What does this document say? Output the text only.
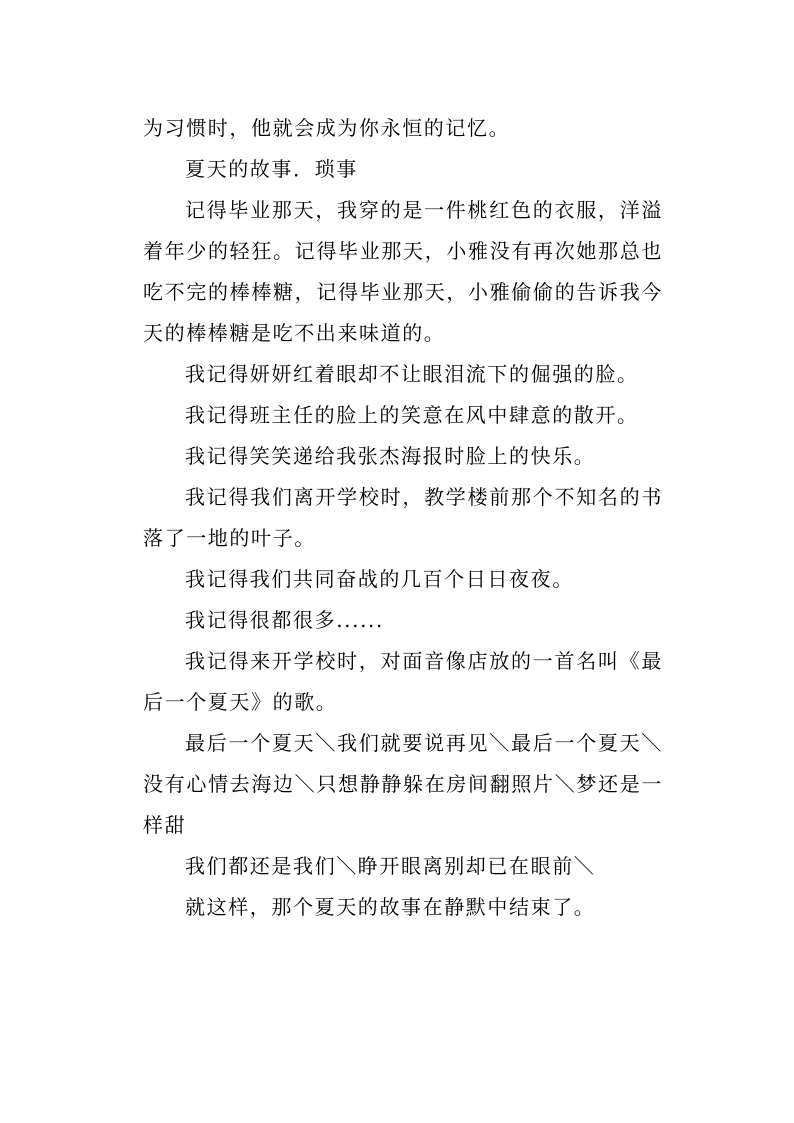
为习惯时，他就会成为你永恒的记忆。

夏天的故事．琐事

记得毕业那天，我穿的是一件桃红色的衣服，洋溢着年少的轻狂。记得毕业那天，小雅没有再次她那总也吃不完的棒棒糖，记得毕业那天，小雅偷偷的告诉我今天的棒棒糖是吃不出来味道的。

我记得妍妍红着眼却不让眼泪流下的倔强的脸。

我记得班主任的脸上的笑意在风中肆意的散开。

我记得笑笑递给我张杰海报时脸上的快乐。

我记得我们离开学校时，教学楼前那个不知名的书落了一地的叶子。

我记得我们共同奋战的几百个日日夜夜。

我记得很都很多......

我记得来开学校时，对面音像店放的一首名叫《最后一个夏天》的歌。

最后一个夏天＼我们就要说再见＼最后一个夏天＼没有心情去海边＼只想静静躲在房间翻照片＼梦还是一样甜

我们都还是我们＼睁开眼离别却已在眼前＼

就这样，那个夏天的故事在静默中结束了。
